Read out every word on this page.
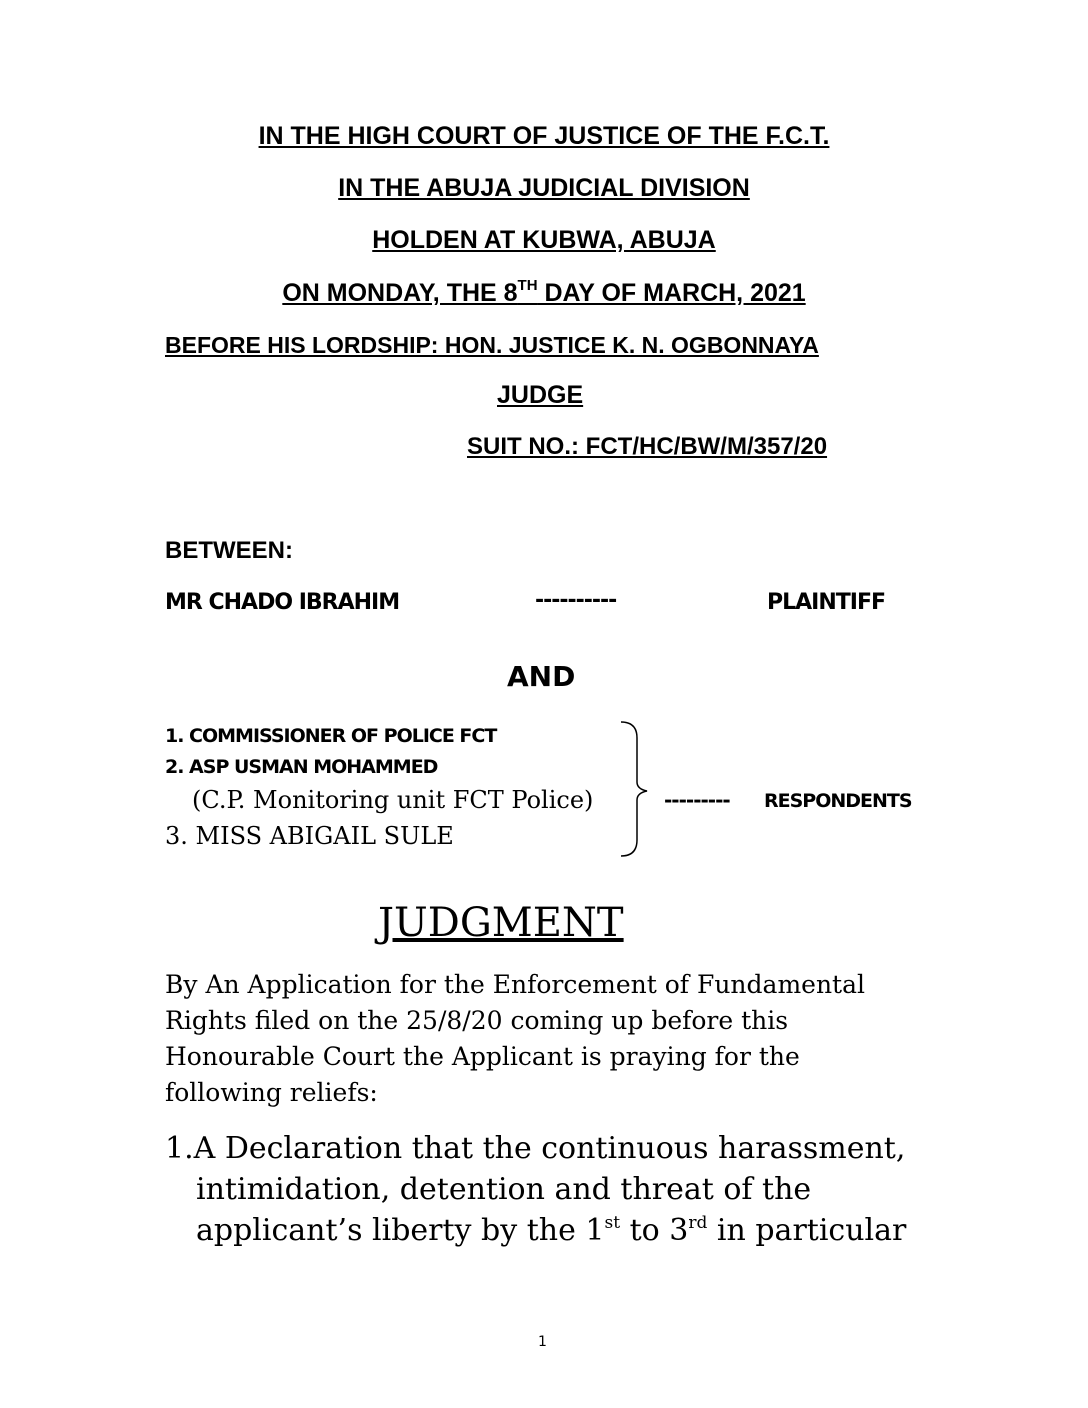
IN THE HIGH COURT OF JUSTICE OF THE F.C.T.
IN THE ABUJA JUDICIAL DIVISION
HOLDEN AT KUBWA, ABUJA
ON MONDAY, THE 8TH DAY OF MARCH, 2021
BEFORE HIS LORDSHIP: HON. JUSTICE K. N. OGBONNAYA
JUDGE
SUIT NO.: FCT/HC/BW/M/357/20
BETWEEN:
MR CHADO IBRAHIM	----------	PLAINTIFF
AND
1. COMMISSIONER OF POLICE FCT
2. ASP USMAN MOHAMMED
(C.P. Monitoring unit FCT Police)
3. MISS ABIGAIL SULE
--------- RESPONDENTS
JUDGMENT
By An Application for the Enforcement of Fundamental
Rights filed on the 25/8/20 coming up before this
Honourable Court the Applicant is praying for the
following reliefs:
1.A Declaration that the continuous harassment,
intimidation, detention and threat of the
applicant’s liberty by the 1st to 3rd in particular
1
